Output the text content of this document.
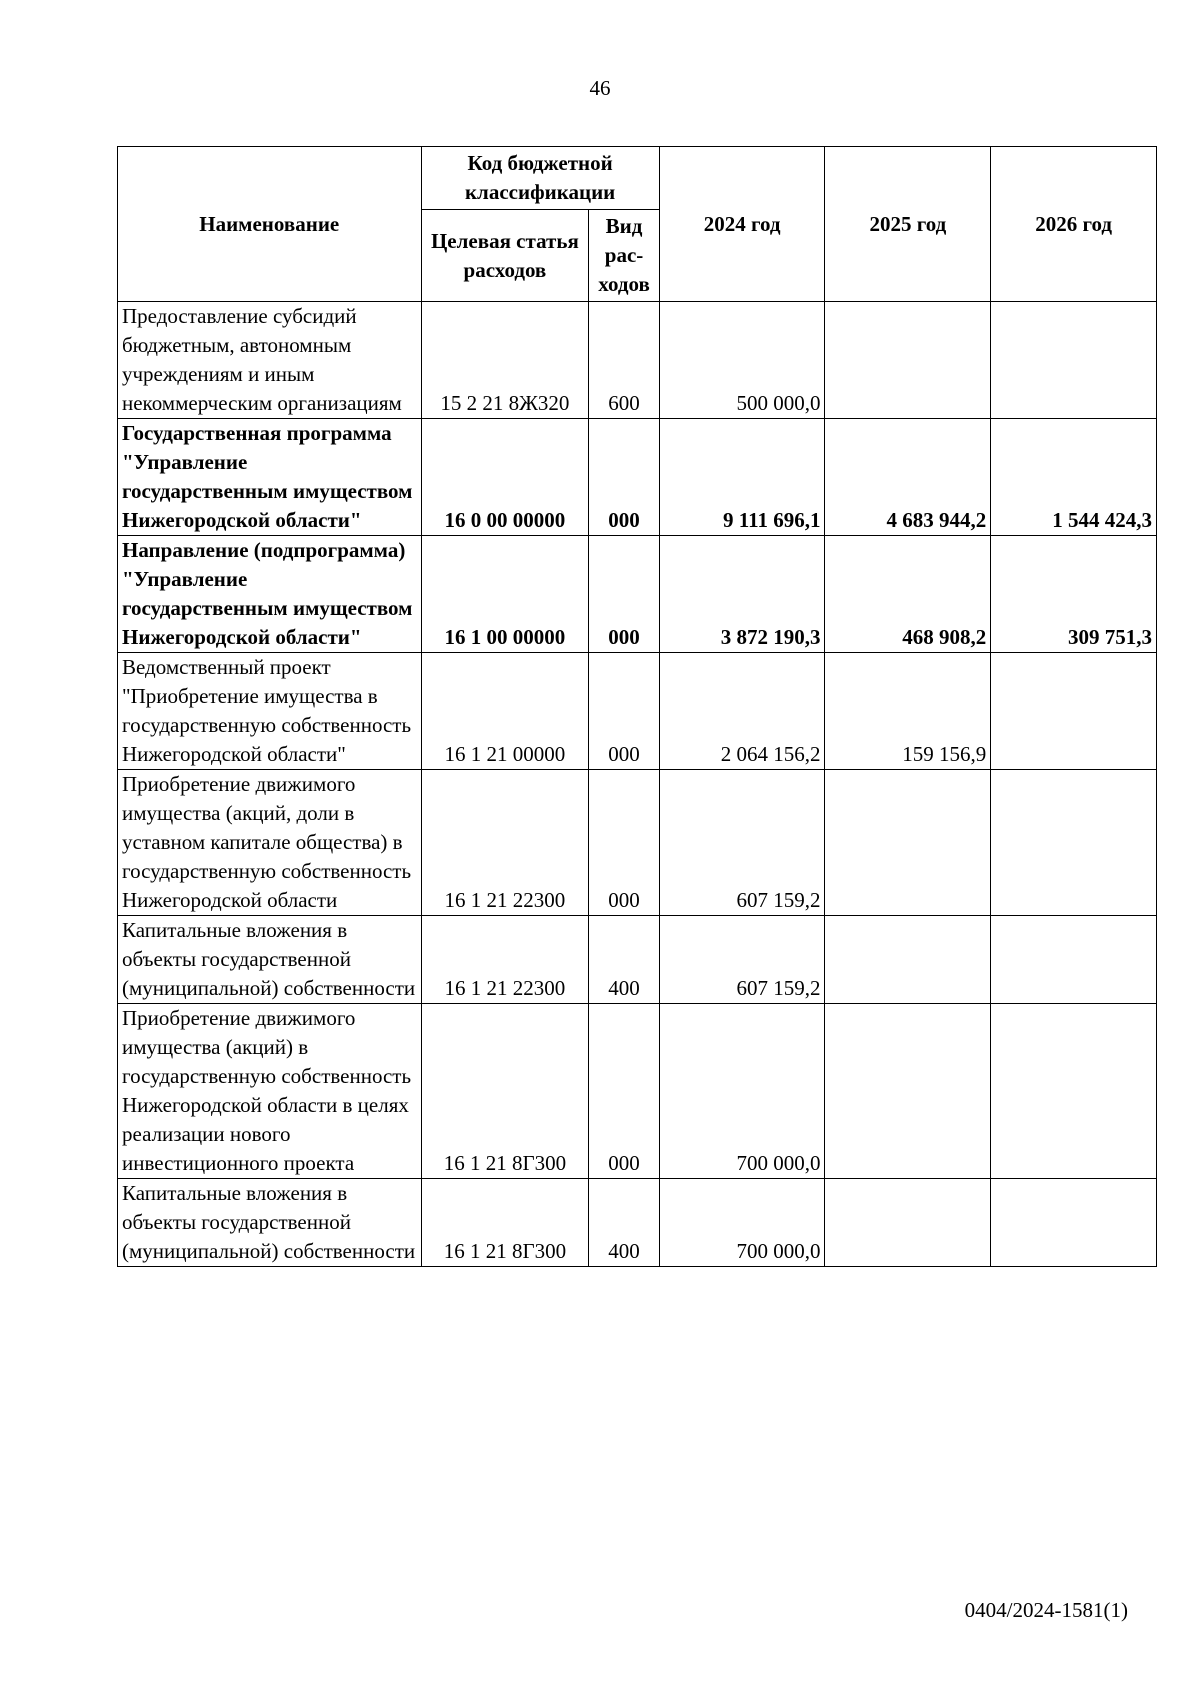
46
Наименование	Код бюджетной классификации		2024 год	2025 год	2026 год
	Целевая статья расходов	Вид рас-ходов			
Предоставление субсидий бюджетным, автономным учреждениям и иным некоммерческим организациям	15 2 21 8Ж320	600	500 000,0		
Государственная программа "Управление государственным имуществом Нижегородской области"	16 0 00 00000	000	9 111 696,1	4 683 944,2	1 544 424,3
Направление (подпрограмма) "Управление государственным имуществом Нижегородской области"	16 1 00 00000	000	3 872 190,3	468 908,2	309 751,3
Ведомственный проект "Приобретение имущества в государственную собственность Нижегородской области"	16 1 21 00000	000	2 064 156,2	159 156,9	
Приобретение движимого имущества (акций, доли в уставном капитале общества) в государственную собственность Нижегородской области	16 1 21 22300	000	607 159,2		
Капитальные вложения в объекты государственной (муниципальной) собственности	16 1 21 22300	400	607 159,2		
Приобретение движимого имущества (акций) в государственную собственность Нижегородской области в целях реализации нового инвестиционного проекта	16 1 21 8Г300	000	700 000,0		
Капитальные вложения в объекты государственной (муниципальной) собственности	16 1 21 8Г300	400	700 000,0		
0404/2024-1581(1)
